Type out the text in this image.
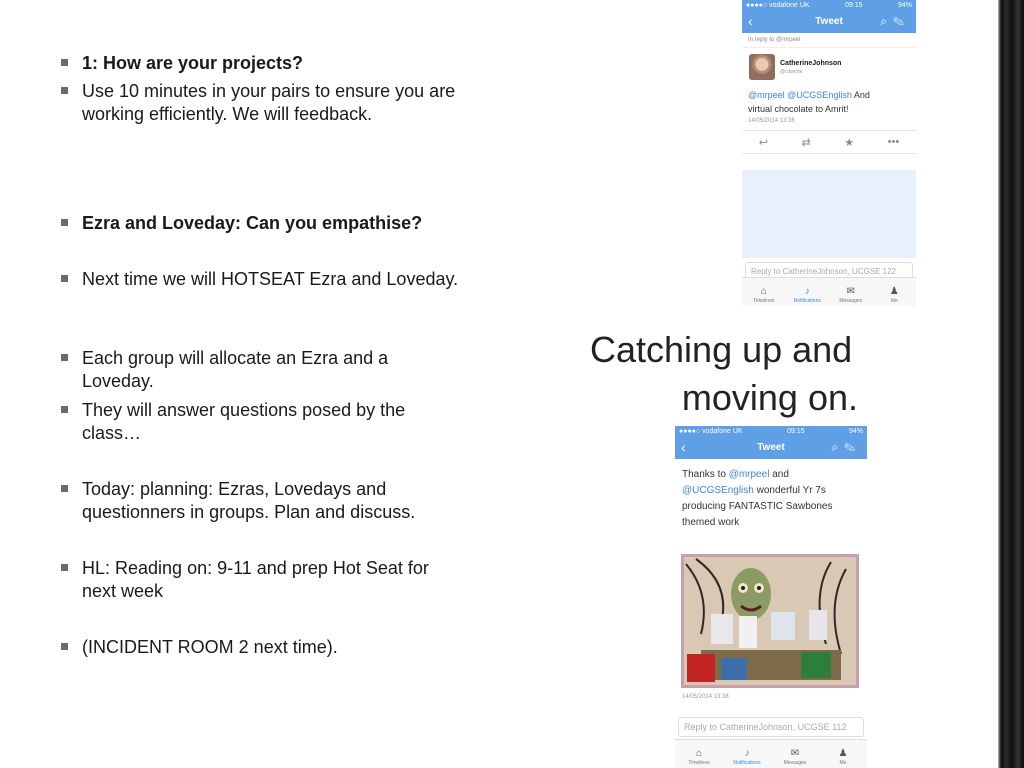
1: How are your projects?
Use 10 minutes in your pairs to ensure you are working efficiently. We will feedback.
Ezra and Loveday: Can you empathise?
Next time we will HOTSEAT Ezra and Loveday.
Each group will allocate an Ezra and a Loveday.
They will answer questions posed by the class…
Today: planning: Ezras, Lovedays and questionners in groups. Plan and discuss.
HL: Reading on: 9-11 and prep Hot Seat for next week
(INCIDENT ROOM 2 next time).
Catching up and
moving on.
●●●●○ vodafone UK	09:15	94%
‹	Tweet	⌕✎
In reply to @mrpeel
CatherineJohnson
@cdwrote
@mrpeel @UCGSEnglish And
virtual chocolate to Amrit!
14/05/2014 13:36
↩	⇄	★	•••
Reply to CatherineJohnson, UCGSE 122
⌂
Timelines
♪
Notifications
✉
Messages
♟
Me
●●●●○ vodafone UK	09:15	94%
‹	Tweet	⌕✎
Thanks to @mrpeel and
@UCGSEnglish wonderful Yr 7s producing FANTASTIC Sawbones themed work
14/05/2014 13:38
Reply to CatherineJohnson, UCGSE 112
⌂
Timelines
♪
Notifications
✉
Messages
♟
Me
